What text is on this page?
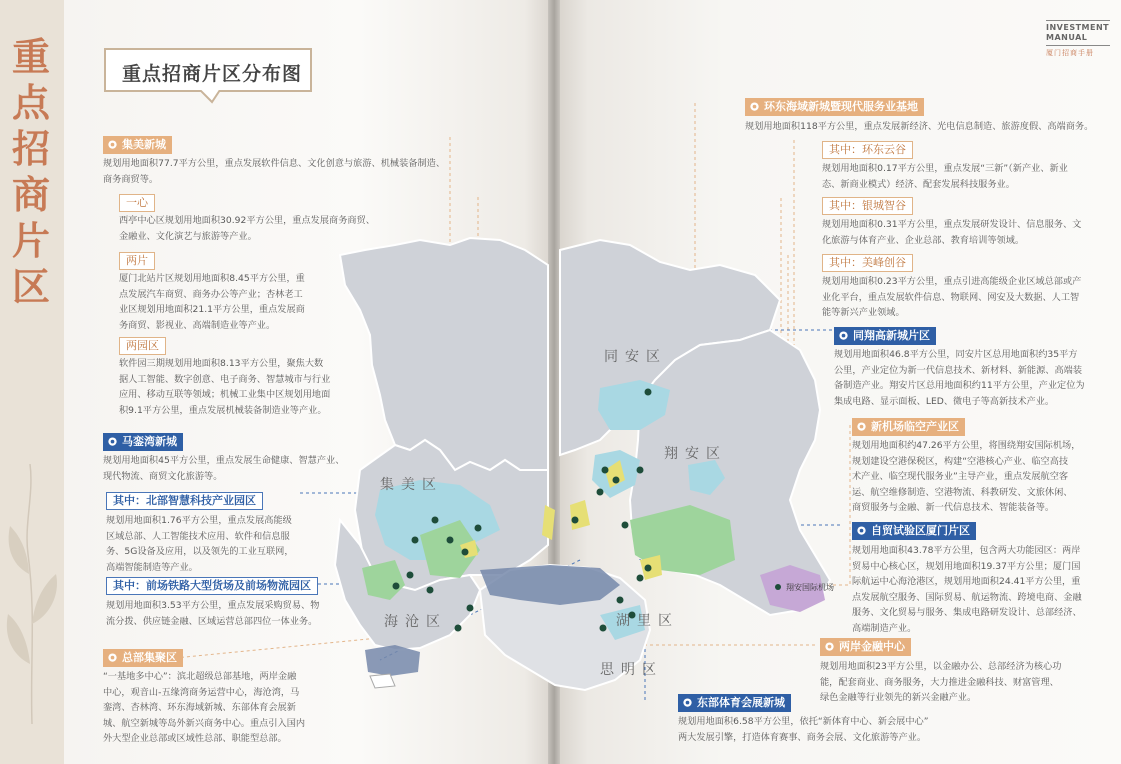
重点招商片区
重点招商片区分布图
INVESTMENT
MANUAL
厦门招商手册
同安区
翔安区
集美区
海沧区	湖里区
思明区
翔安国际机场
集美新城
规划用地面积77.7平方公里，重点发展软件信息、文化创意与旅游、机械装备制造、
商务商贸等。
一心
西亭中心区规划用地面积30.92平方公里，重点发展商务商贸、
金融业、文化演艺与旅游等产业。
两片
厦门北站片区规划用地面积8.45平方公里，重
点发展汽车商贸、商务办公等产业；杏林老工
业区规划用地面积21.1平方公里，重点发展商
务商贸、影视业、高端制造业等产业。
两园区
软件园三期规划用地面积8.13平方公里，聚焦大数
据人工智能、数字创意、电子商务、智慧城市与行业
应用、移动互联等领域；机械工业集中区规划用地面
积9.1平方公里，重点发展机械装备制造业等产业。
马銮湾新城
规划用地面积45平方公里，重点发展生命健康、智慧产业、
现代物流、商贸文化旅游等。
其中：北部智慧科技产业园区
规划用地面积1.76平方公里，重点发展高能级
区域总部、人工智能技术应用、软件和信息服
务、5G设备及应用，以及领先的工业互联网，
高端智能制造等产业。
其中：前场铁路大型货场及前场物流园区
规划用地面积3.53平方公里，重点发展采购贸易、物
流分拨、供应链金融、区域运营总部四位一体业务。
总部集聚区
“一基地多中心”：滨北超级总部基地，两岸金融
中心，观音山-五缘湾商务运营中心，海沧湾，马
銮湾、杏林湾、环东海域新城、东部体育会展新
城、航空新城等岛外新兴商务中心。重点引入国内
外大型企业总部或区域性总部、职能型总部。
环东海域新城暨现代服务业基地
规划用地面积118平方公里，重点发展新经济、光电信息制造、旅游度假、高端商务。
其中：环东云谷
规划用地面积0.17平方公里，重点发展“三新”（新产业、新业
态、新商业模式）经济、配套发展科技服务业。
其中：银城智谷
规划用地面积0.31平方公里，重点发展研发设计、信息服务、文
化旅游与体育产业、企业总部、教育培训等领域。
其中：美峰创谷
规划用地面积0.23平方公里，重点引进高能级企业区域总部或产
业化平台，重点发展软件信息、物联网、网安及大数据、人工智
能等新兴产业领域。
同翔高新城片区
规划用地面积46.8平方公里，同安片区总用地面积约35平方
公里，产业定位为新一代信息技术、新材料、新能源、高端装
备制造产业。翔安片区总用地面积约11平方公里，产业定位为
集成电路、显示面板、LED、微电子等高新技术产业。
新机场临空产业区
规划用地面积约47.26平方公里，将围绕翔安国际机场，
规划建设空港保税区，构建“空港核心产业、临空高技
术产业、临空现代服务业”主导产业，重点发展航空客
运、航空维修制造、空港物流、科教研发、文旅休闲、
商贸服务与金融、新一代信息技术、智能装备等。
自贸试验区厦门片区
规划用地面积43.78平方公里，包含两大功能园区：两岸
贸易中心核心区，规划用地面积19.37平方公里；厦门国
际航运中心海沧港区，规划用地面积24.41平方公里，重
点发展航空服务、国际贸易、航运物流、跨境电商、金融
服务、文化贸易与服务、集成电路研发设计、总部经济、
高端制造产业。
两岸金融中心
规划用地面积23平方公里，以金融办公、总部经济为核心功
能，配套商业、商务服务，大力推进金融科技、财富管理、
绿色金融等行业领先的新兴金融产业。
东部体育会展新城
规划用地面积6.58平方公里，依托“新体育中心、新会展中心”
两大发展引擎，打造体育赛事、商务会展、文化旅游等产业。
